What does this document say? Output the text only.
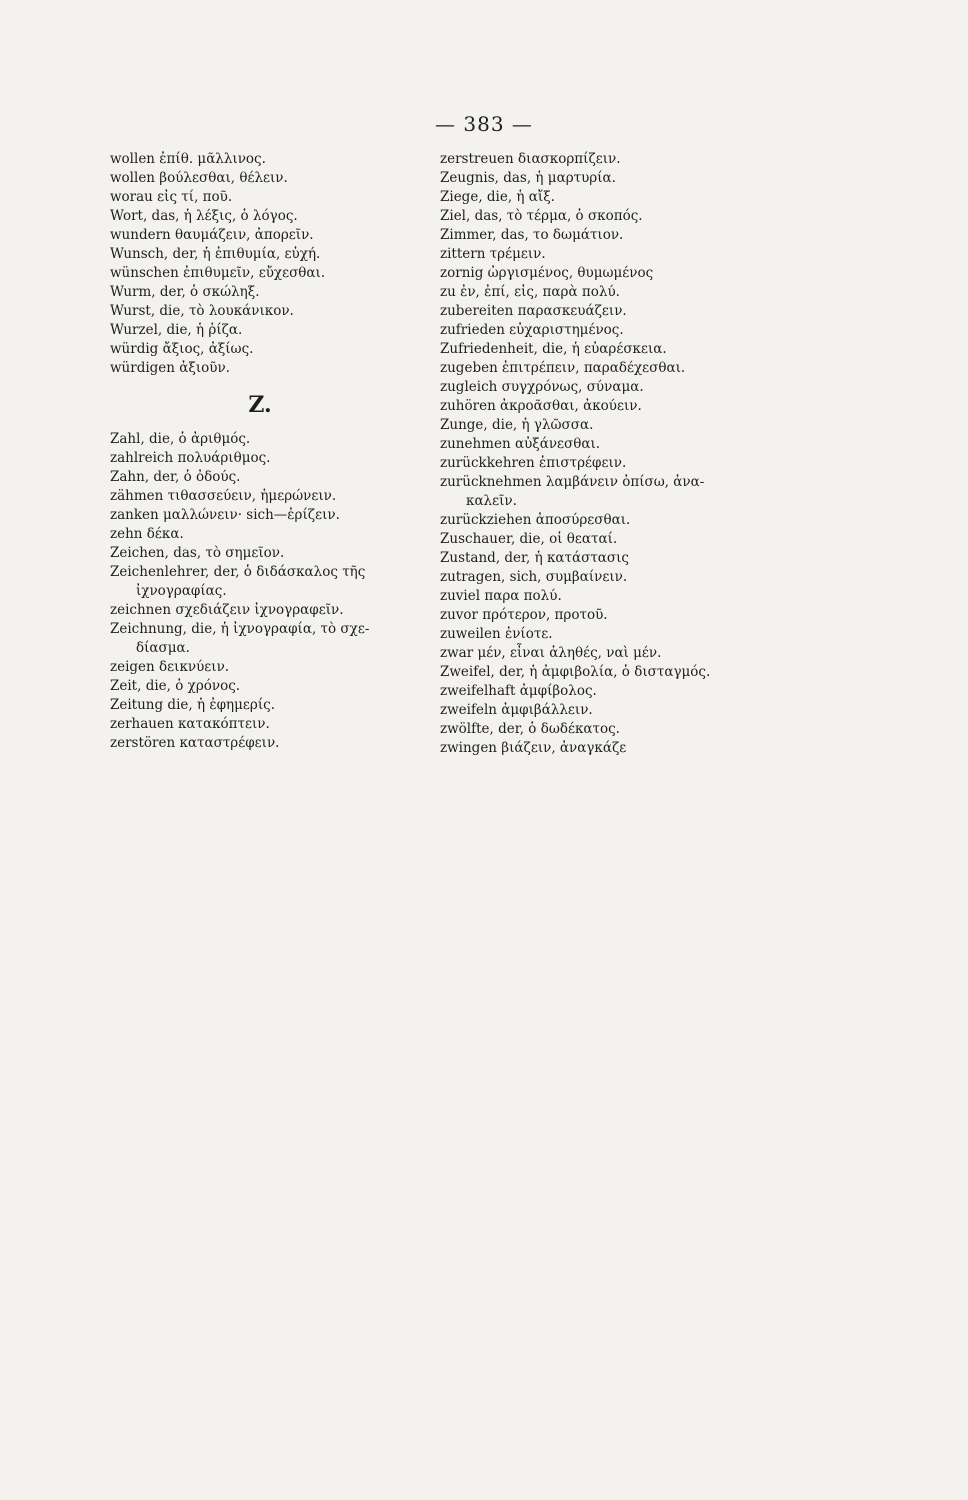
— 383 —
wollen ἐπίθ. μᾶλλινος.
wollen βούλεσθαι, θέλειν.
worau εἰς τί, ποῦ.
Wort, das, ἡ λέξις, ὁ λόγος.
wundern θαυμάζειν, ἀπορεῖν.
Wunsch, der, ἡ ἐπιθυμία, εὐχή.
wünschen ἐπιθυμεῖν, εὔχεσθαι.
Wurm, der, ὁ σκώληξ.
Wurst, die, τὸ λουκάνικον.
Wurzel, die, ἡ ῥίζα.
würdig ἄξιος, ἀξίως.
würdigen ἀξιοῦν.
Z.
Zahl, die, ὁ ἀριθμός.
zahlreich πολυάριθμος.
Zahn, der, ὁ ὀδούς.
zähmen τιθασσεύειν, ἡμερώνειν.
zanken μαλλώνειν· sich—ἐρίζειν.
zehn δέκα.
Zeichen, das, τὸ σημεῖον.
Zeichenlehrer, der, ὁ διδάσκαλος τῆς
ἰχνογραφίας.
zeichnen σχεδιάζειν ἰχνογραφεῖν.
Zeichnung, die, ἡ ἰχνογραφία, τὸ σχε-
δίασμα.
zeigen δεικνύειν.
Zeit, die, ὁ χρόνος.
Zeitung die, ἡ ἐφημερίς.
zerhauen κατακόπτειν.
zerstören καταστρέφειν.
zerstreuen διασκορπίζειν.
Zeugnis, das, ἡ μαρτυρία.
Ziege, die, ἡ αἴξ.
Ziel, das, τὸ τέρμα, ὁ σκοπός.
Zimmer, das, το δωμάτιον.
zittern τρέμειν.
zornig ὠργισμένος, θυμωμένος
zu ἐν, ἐπί, εἰς, παρὰ πολύ.
zubereiten παρασκευάζειν.
zufrieden εὐχαριστημένος.
Zufriedenheit, die, ἡ εὐαρέσκεια.
zugeben ἐπιτρέπειν, παραδέχεσθαι.
zugleich συγχρόνως, σύναμα.
zuhören ἀκροᾶσθαι, ἀκούειν.
Zunge, die, ἡ γλῶσσα.
zunehmen αὐξάνεσθαι.
zurückkehren ἐπιστρέφειν.
zurücknehmen λαμβάνειν ὀπίσω, ἀνα-
καλεῖν.
zurückziehen ἀποσύρεσθαι.
Zuschauer, die, οἱ θεαταί.
Zustand, der, ἡ κατάστασις
zutragen, sich, συμβαίνειν.
zuviel παρα πολύ.
zuvor πρότερον, προτοῦ.
zuweilen ἐνίοτε.
zwar μέν, εἶναι ἀληθές, ναὶ μέν.
Zweifel, der, ἡ ἀμφιβολία, ὁ δισταγμός.
zweifelhaft ἀμφίβολος.
zweifeln ἀμφιβάλλειν.
zwölfte, der, ὁ δωδέκατος.
zwingen βιάζειν, ἀναγκάζε
